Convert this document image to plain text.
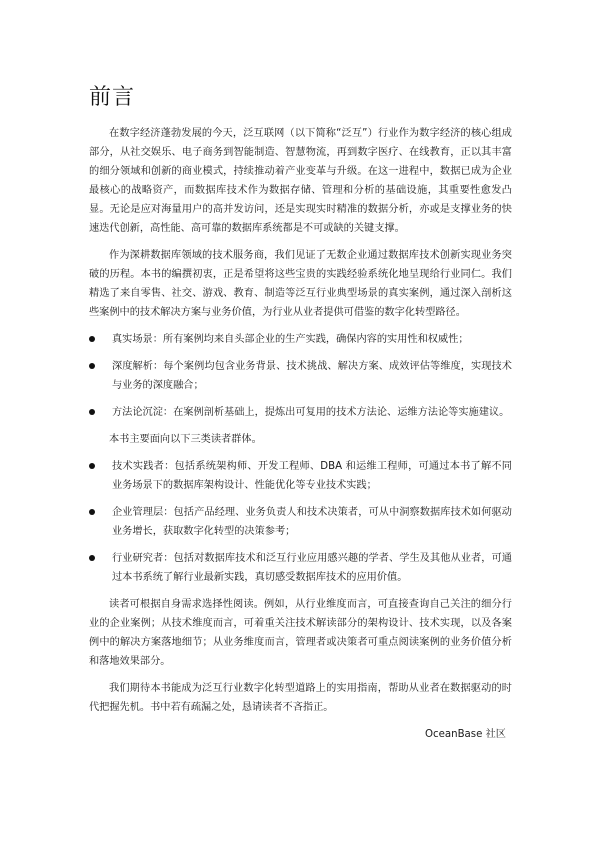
前言

在数字经济蓬勃发展的今天，泛互联网（以下简称“泛互”）行业作为数字经济的核心组成部分，从社交娱乐、电子商务到智能制造、智慧物流，再到数字医疗、在线教育，正以其丰富的细分领域和创新的商业模式，持续推动着产业变革与升级。在这一进程中，数据已成为企业最核心的战略资产，而数据库技术作为数据存储、管理和分析的基础设施，其重要性愈发凸显。无论是应对海量用户的高并发访问，还是实现实时精准的数据分析，亦或是支撑业务的快速迭代创新，高性能、高可靠的数据库系统都是不可或缺的关键支撑。

作为深耕数据库领域的技术服务商，我们见证了无数企业通过数据库技术创新实现业务突破的历程。本书的编撰初衷，正是希望将这些宝贵的实践经验系统化地呈现给行业同仁。我们精选了来自零售、社交、游戏、教育、制造等泛互行业典型场景的真实案例，通过深入剖析这些案例中的技术解决方案与业务价值，为行业从业者提供可借鉴的数字化转型路径。

真实场景：所有案例均来自头部企业的生产实践，确保内容的实用性和权威性；
深度解析：每个案例均包含业务背景、技术挑战、解决方案、成效评估等维度，实现技术与业务的深度融合；
方法论沉淀：在案例剖析基础上，提炼出可复用的技术方法论、运维方法论等实施建议。

本书主要面向以下三类读者群体。

技术实践者：包括系统架构师、开发工程师、DBA 和运维工程师，可通过本书了解不同业务场景下的数据库架构设计、性能优化等专业技术实践；
企业管理层：包括产品经理、业务负责人和技术决策者，可从中洞察数据库技术如何驱动业务增长，获取数字化转型的决策参考；
行业研究者：包括对数据库技术和泛互行业应用感兴趣的学者、学生及其他从业者，可通过本书系统了解行业最新实践，真切感受数据库技术的应用价值。

读者可根据自身需求选择性阅读。例如，从行业维度而言，可直接查询自己关注的细分行业的企业案例；从技术维度而言，可着重关注技术解读部分的架构设计、技术实现，以及各案例中的解决方案落地细节；从业务维度而言，管理者或决策者可重点阅读案例的业务价值分析和落地效果部分。

我们期待本书能成为泛互行业数字化转型道路上的实用指南，帮助从业者在数据驱动的时代把握先机。书中若有疏漏之处，恳请读者不吝指正。

OceanBase 社区
